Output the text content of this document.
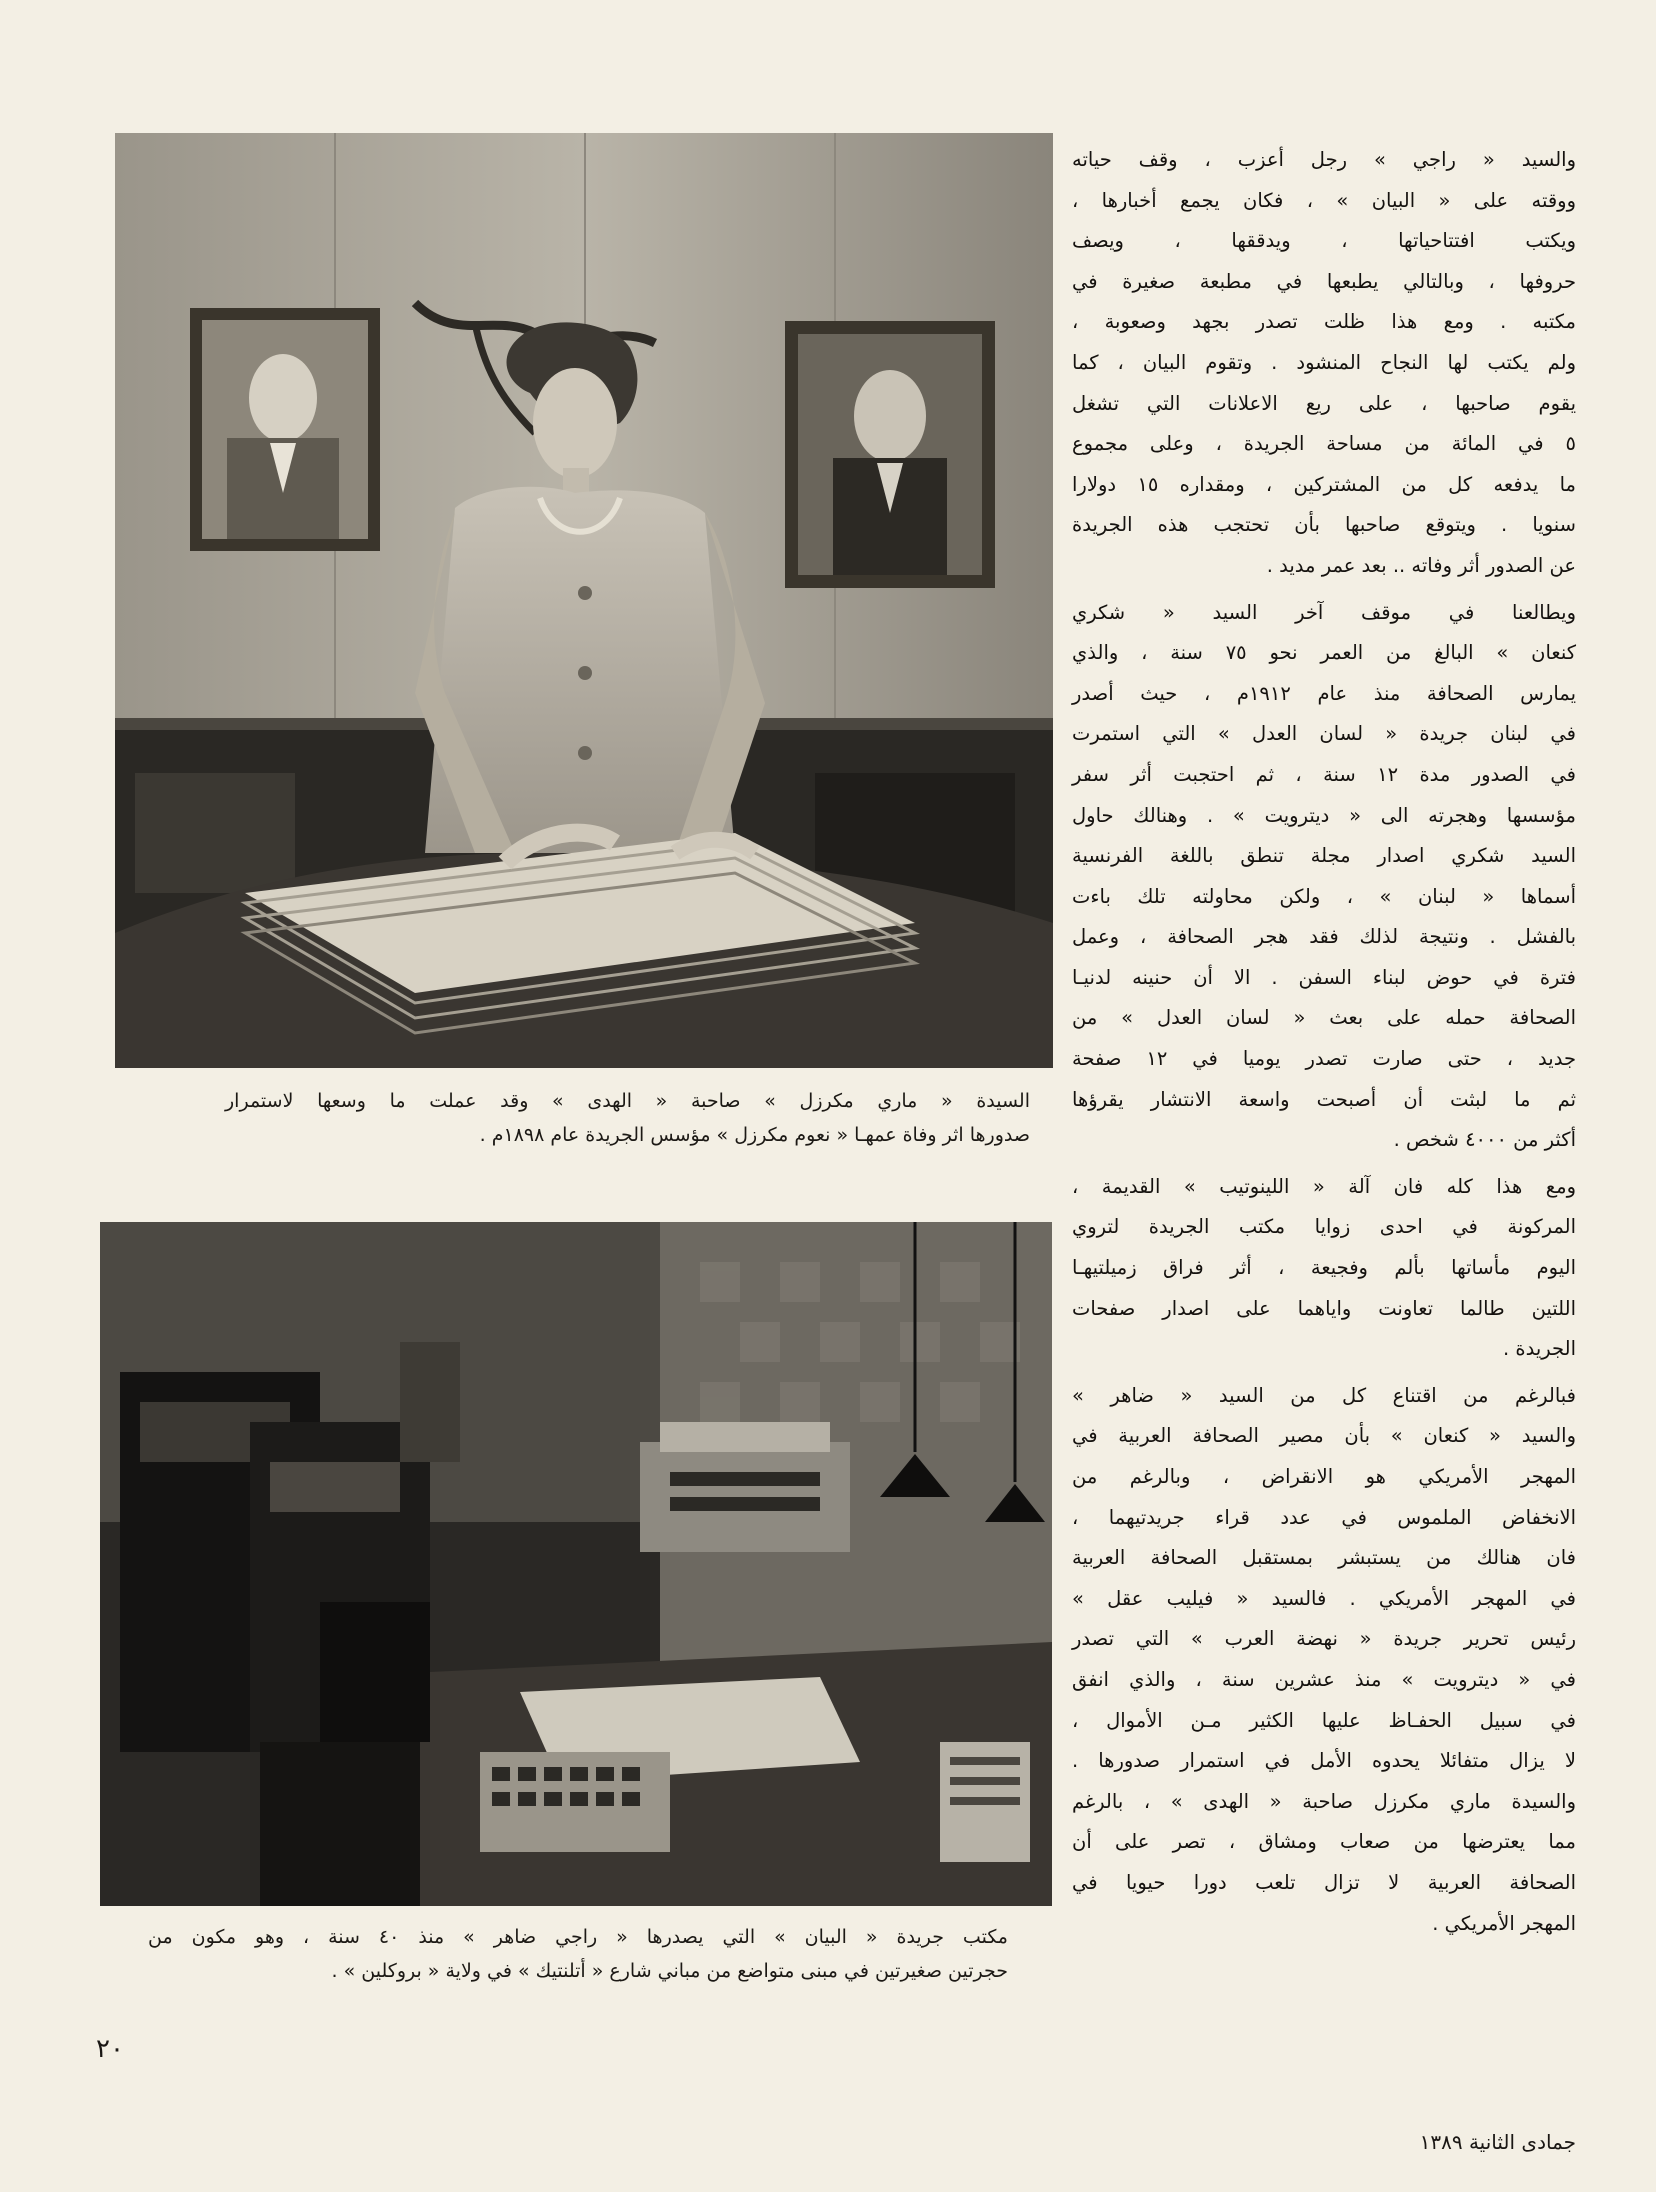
السيدة « ماري مكرزل » صاحبة « الهدى » وقد عملت ما وسعها لاستمرار

صدورها اثر وفاة عمهـا « نعوم مكرزل » مؤسس الجريدة عام ١٨٩٨م .

مكتب جريدة « البيان » التي يصدرها « راجي ضاهر » منذ ٤٠ سنة ، وهو مكون من

حجرتين صغيرتين في مبنى متواضع من مباني شارع « أتلنتيك » في ولاية « بروكلين » .

والسيد « راجي » رجل أعزب ، وقف حياته
ووقته على « البيان » ، فكان يجمع أخبارها ،
ويكتب افتتاحياتها ، ويدققها ، ويصف
حروفها ، وبالتالي يطبعها في مطبعة صغيرة في
مكتبه . ومع هذا ظلت تصدر بجهد وصعوبة ،
ولم يكتب لها النجاح المنشود . وتقوم البيان ، كما
يقوم صاحبها ، على ريع الاعلانات التي تشغل
٥ في المائة من مساحة الجريدة ، وعلى مجموع
ما يدفعه كل من المشتركين ، ومقداره ١٥ دولارا
سنويا . ويتوقع صاحبها بأن تحتجب هذه الجريدة
عن الصدور أثر وفاته .. بعد عمر مديد .
ويطالعنا في موقف آخر السيد « شكري
كنعان » البالغ من العمر نحو ٧٥ سنة ، والذي
يمارس الصحافة منذ عام ١٩١٢م ، حيث أصدر
في لبنان جريدة « لسان العدل » التي استمرت
في الصدور مدة ١٢ سنة ، ثم احتجبت أثر سفر
مؤسسها وهجرته الى « ديترويت » . وهنالك حاول
السيد شكري اصدار مجلة تنطق باللغة الفرنسية
أسماها « لبنان » ، ولكن محاولته تلك باءت
بالفشل . ونتيجة لذلك فقد هجر الصحافة ، وعمل
فترة في حوض لبناء السفن . الا أن حنينه لدنيـا
الصحافة حمله على بعث « لسان العدل » من
جديد ، حتى صارت تصدر يوميا في ١٢ صفحة
ثم ما لبثت أن أصبحت واسعة الانتشار يقرؤها
أكثر من ٤٠٠٠ شخص .
ومع هذا كله فان آلة « اللينوتيب » القديمة ،
المركونة في احدى زوايا مكتب الجريدة لتروي
اليوم مأساتها بألم وفجيعة ، أثر فراق زميلتيهـا
اللتين طالما تعاونت واياهما على اصدار صفحات
الجريدة .
فبالرغم من اقتناع كل من السيد « ضاهر »
والسيد « كنعان » بأن مصير الصحافة العربية في
المهجر الأمريكي هو الانقراض ، وبالرغم من
الانخفاض الملموس في عدد قراء جريدتيهما ،
فان هنالك من يستبشر بمستقبل الصحافة العربية
في المهجر الأمريكي . فالسيد « فيليب عقل »
رئيس تحرير جريدة « نهضة العرب » التي تصدر
في « ديترويت » منذ عشرين سنة ، والذي انفق
في سبيل الحفـاظ عليها الكثير مـن الأموال ،
لا يزال متفائلا يحدوه الأمل في استمرار صدورها .
والسيدة ماري مكرزل صاحبة « الهدى » ، بالرغم
مما يعترضها من صعاب ومشاق ، تصر على أن
الصحافة العربية لا تزال تلعب دورا حيويا في
المهجر الأمريكي .
٢٠
جمادى الثانية ١٣٨٩
